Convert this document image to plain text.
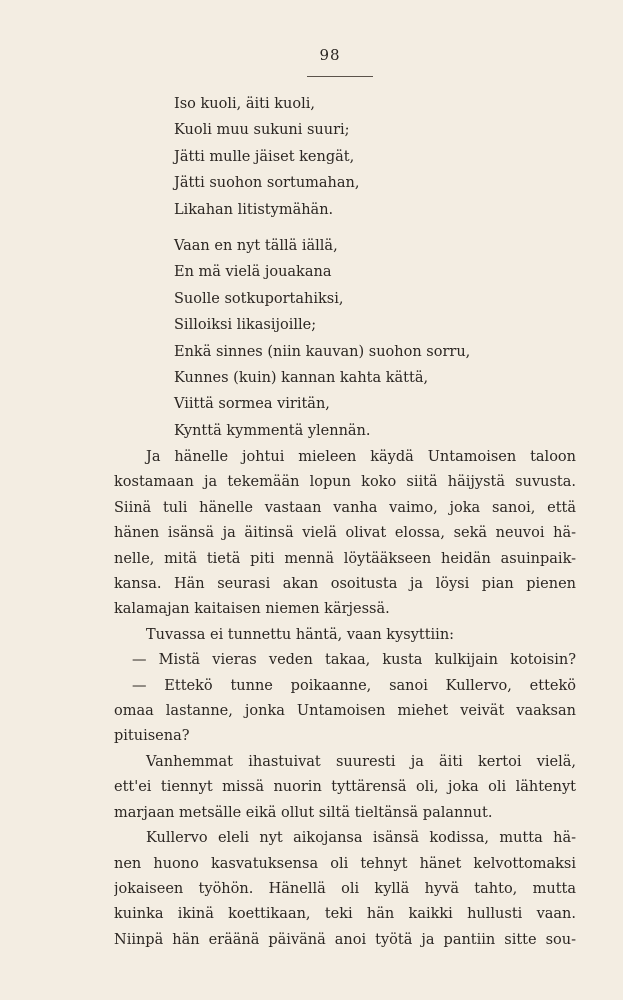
98
Iso kuoli, äiti kuoli,
Kuoli muu sukuni suuri;
Jätti mulle jäiset kengät,
Jätti suohon sortumahan,
Likahan litistymähän.
Vaan en nyt tällä iällä,
En mä vielä jouakana
Suolle sotkuportahiksi,
Silloiksi likasijoille;
Enkä sinnes (niin kauvan) suohon sorru,
Kunnes (kuin) kannan kahta kättä,
Viittä sormea viritän,
Kynttä kymmentä ylennän.
Ja hänelle johtui mieleen käydä Untamoisen taloon
kostamaan ja tekemään lopun koko siitä häijystä suvusta.
Siinä tuli hänelle vastaan vanha vaimo, joka sanoi, että
hänen isänsä ja äitinsä vielä olivat elossa, sekä neuvoi hä-
nelle, mitä tietä piti mennä löytääkseen heidän asuinpaik-
kansa. Hän seurasi akan osoitusta ja löysi pian pienen
kalamajan kaitaisen niemen kärjessä.
Tuvassa ei tunnettu häntä, vaan kysyttiin:
— Mistä vieras veden takaa, kusta kulkijain kotoisin?
— Ettekö tunne poikaanne, sanoi Kullervo, ettekö
omaa lastanne, jonka Untamoisen miehet veivät vaaksan
pituisena?
Vanhemmat ihastuivat suuresti ja äiti kertoi vielä,
ett'ei tiennyt missä nuorin tyttärensä oli, joka oli lähtenyt
marjaan metsälle eikä ollut siltä tieltänsä palannut.
Kullervo eleli nyt aikojansa isänsä kodissa, mutta hä-
nen huono kasvatuksensa oli tehnyt hänet kelvottomaksi
jokaiseen työhön. Hänellä oli kyllä hyvä tahto, mutta
kuinka ikinä koettikaan, teki hän kaikki hullusti vaan.
Niinpä hän eräänä päivänä anoi työtä ja pantiin sitte sou-
